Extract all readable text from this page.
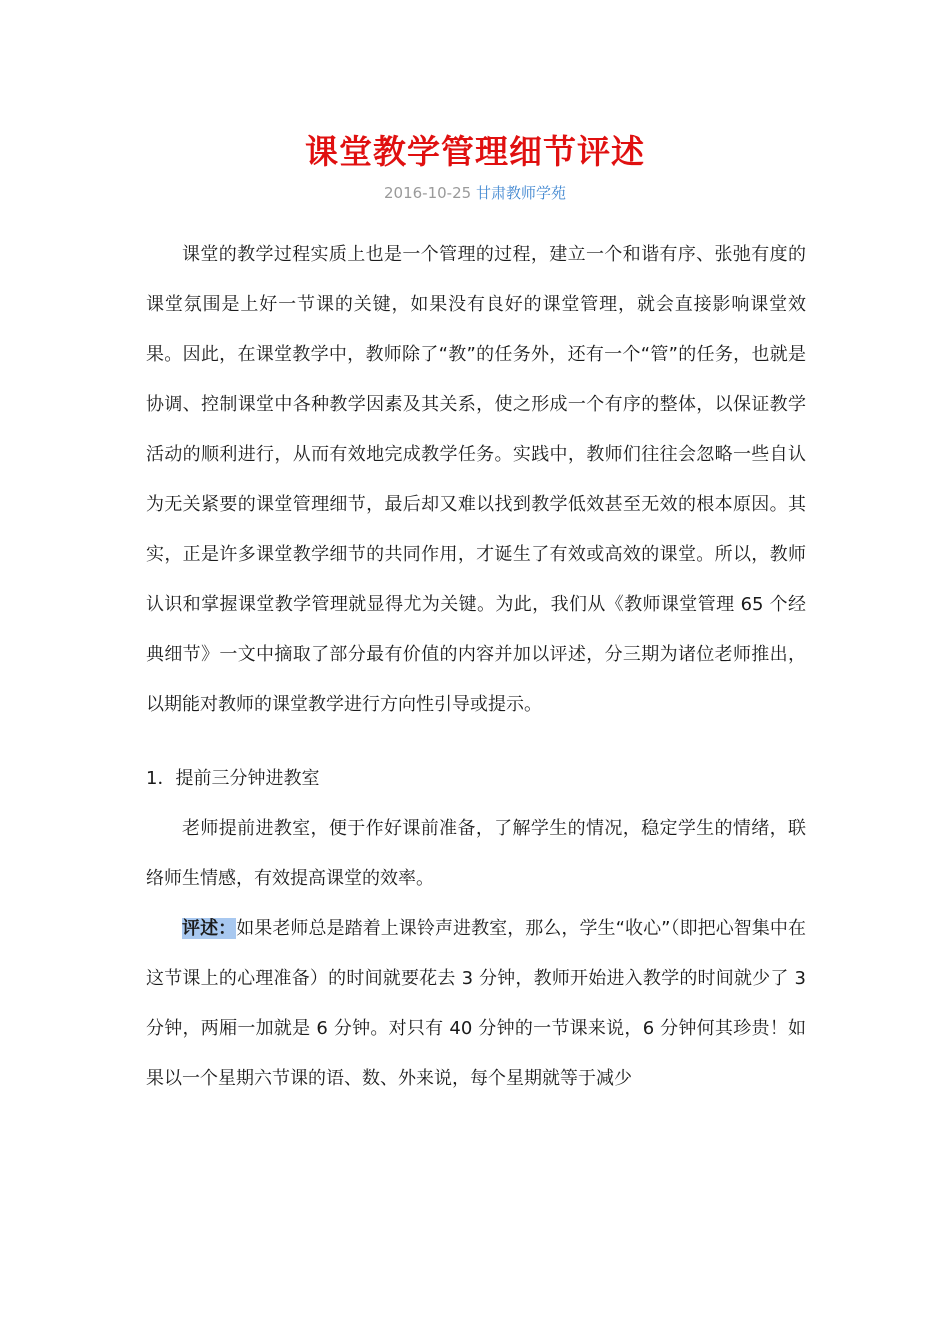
课堂教学管理细节评述
2016-10-25 甘肃教师学苑

课堂的教学过程实质上也是一个管理的过程，建立一个和谐有序、张弛有度的课堂氛围是上好一节课的关键，如果没有良好的课堂管理，就会直接影响课堂效果。因此，在课堂教学中，教师除了“教”的任务外，还有一个“管”的任务，也就是协调、控制课堂中各种教学因素及其关系，使之形成一个有序的整体，以保证教学活动的顺利进行，从而有效地完成教学任务。实践中，教师们往往会忽略一些自认为无关紧要的课堂管理细节，最后却又难以找到教学低效甚至无效的根本原因。其实，正是许多课堂教学细节的共同作用，才诞生了有效或高效的课堂。所以，教师认识和掌握课堂教学管理就显得尤为关键。为此，我们从《教师课堂管理 65 个经典细节》一文中摘取了部分最有价值的内容并加以评述，分三期为诸位老师推出，以期能对教师的课堂教学进行方向性引导或提示。

1．提前三分钟进教室

老师提前进教室，便于作好课前准备，了解学生的情况，稳定学生的情绪，联络师生情感，有效提高课堂的效率。

评述：如果老师总是踏着上课铃声进教室，那么，学生“收心”（即把心智集中在这节课上的心理准备）的时间就要花去 3 分钟，教师开始进入教学的时间就少了 3 分钟，两厢一加就是 6 分钟。对只有 40 分钟的一节课来说，6 分钟何其珍贵！如果以一个星期六节课的语、数、外来说，每个星期就等于减少
